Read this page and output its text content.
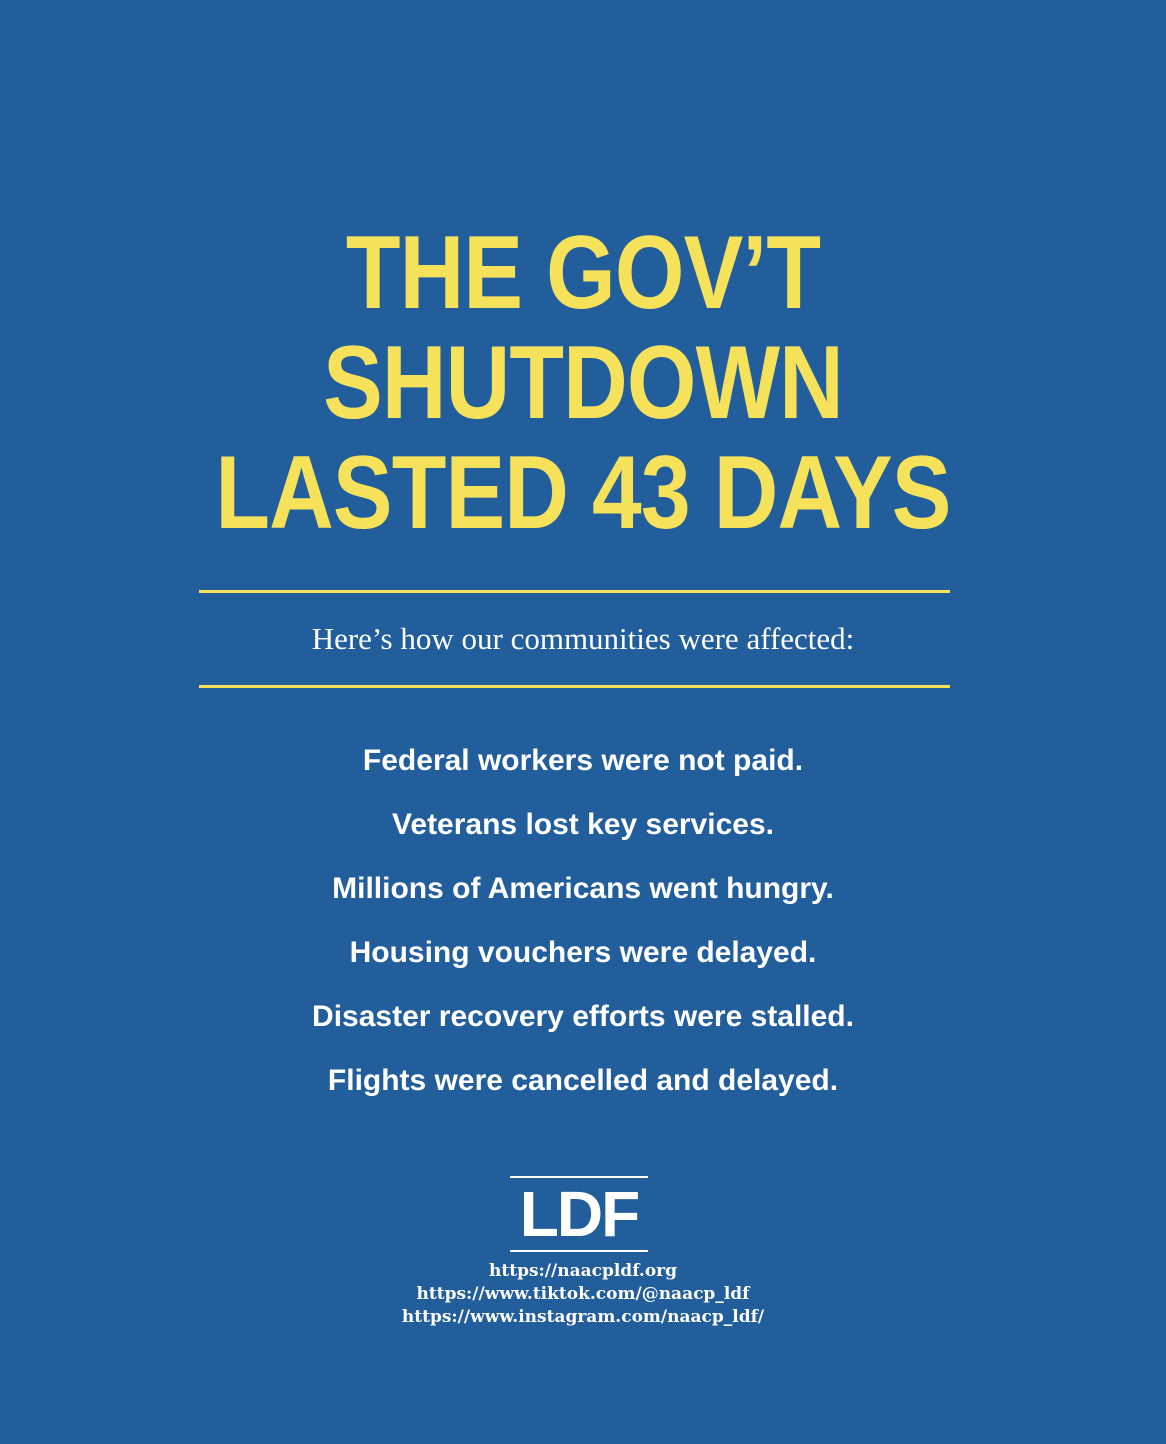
THE GOV’T
SHUTDOWN
LASTED 43 DAYS
Here’s how our communities were affected:
Federal workers were not paid.
Veterans lost key services.
Millions of Americans went hungry.
Housing vouchers were delayed.
Disaster recovery efforts were stalled.
Flights were cancelled and delayed.
LDF
https://naacpldf.org
https://www.tiktok.com/@naacp_ldf
https://www.instagram.com/naacp_ldf/
